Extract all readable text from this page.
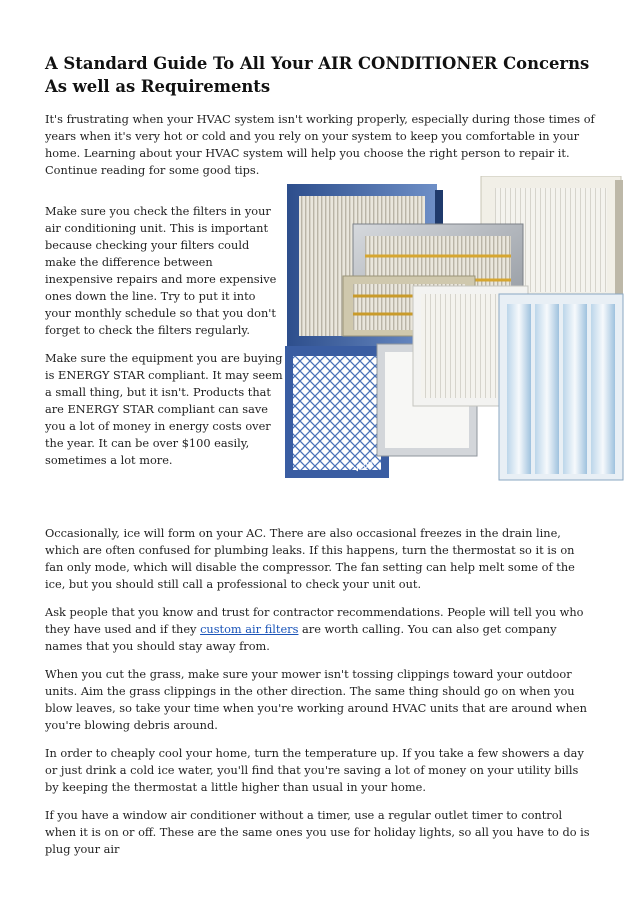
A Standard Guide To All Your AIR CONDITIONER Concerns As well as Requirements

It's frustrating when your HVAC system isn't working properly, especially during those times of years when it's very hot or cold and you rely on your system to keep you comfortable in your home. Learning about your HVAC system will help you choose the right person to repair it. Continue reading for some good tips.

Make sure you check the filters in your air conditioning unit. This is important because checking your filters could make the difference between inexpensive repairs and more expensive ones down the line. Try to put it into your monthly schedule so that you don't forget to check the filters regularly.

Make sure the equipment you are buying is ENERGY STAR compliant. It may seem a small thing, but it isn't. Products that are ENERGY STAR compliant can save you a lot of money in energy costs over the year. It can be over $100 easily, sometimes a lot more.	Vedal

Occasionally, ice will form on your AC. There are also occasional freezes in the drain line, which are often confused for plumbing leaks. If this happens, turn the thermostat so it is on fan only mode, which will disable the compressor. The fan setting can help melt some of the ice, but you should still call a professional to check your unit out.

Ask people that you know and trust for contractor recommendations. People will tell you who they have used and if they custom air filters are worth calling. You can also get company names that you should stay away from.

When you cut the grass, make sure your mower isn't tossing clippings toward your outdoor units. Aim the grass clippings in the other direction. The same thing should go on when you blow leaves, so take your time when you're working around HVAC units that are around when you're blowing debris around.

In order to cheaply cool your home, turn the temperature up. If you take a few showers a day or just drink a cold ice water, you'll find that you're saving a lot of money on your utility bills by keeping the thermostat a little higher than usual in your home.

If you have a window air conditioner without a timer, use a regular outlet timer to control when it is on or off. These are the same ones you use for holiday lights, so all you have to do is plug your air
